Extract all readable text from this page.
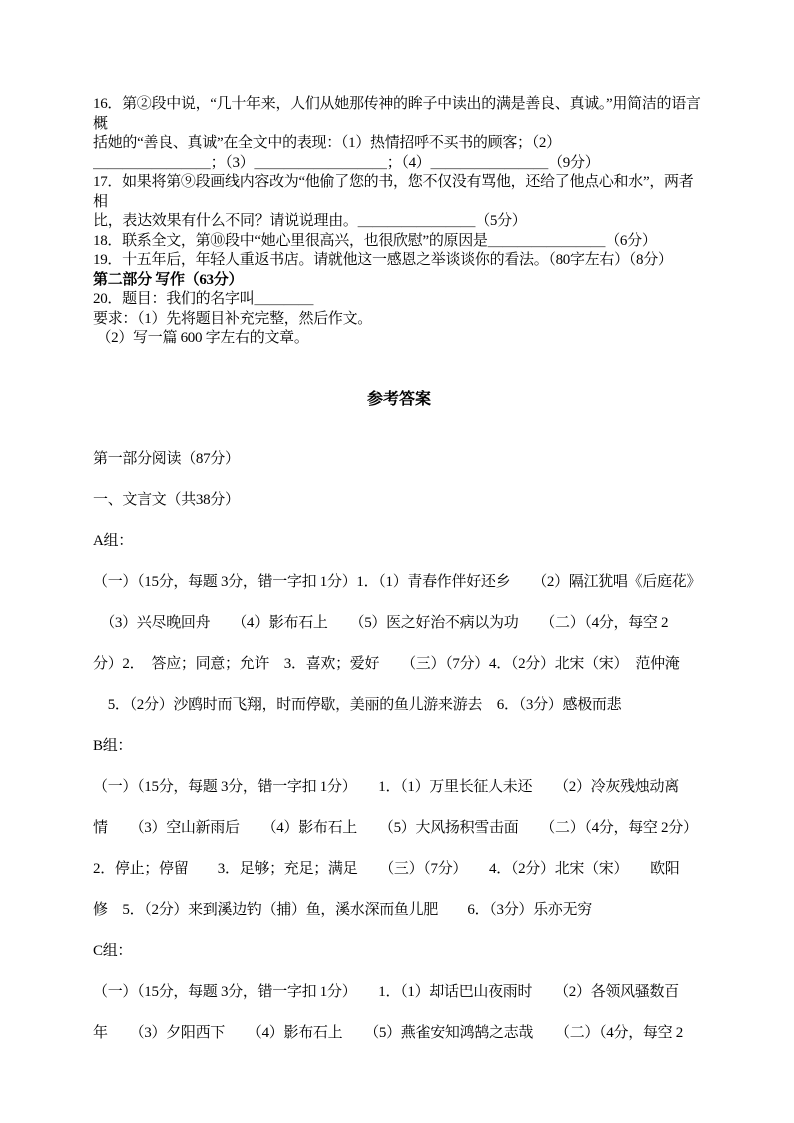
16．第②段中说，“几十年来，人们从她那传神的眸子中读出的满是善良、真诚。”用简洁的语言概
括她的“善良、真诚”在全文中的表现：（1）热情招呼不买书的顾客；（2）
＿＿＿＿＿＿＿＿；（3）＿＿＿＿＿＿＿＿＿；（4）＿＿＿＿＿＿＿＿（9分）
17．如果将第⑨段画线内容改为“他偷了您的书，您不仅没有骂他，还给了他点心和水”，两者相
比，表达效果有什么不同？请说说理由。＿＿＿＿＿＿＿＿（5分）
18．联系全文，第⑩段中“她心里很高兴，也很欣慰”的原因是＿＿＿＿＿＿＿＿（6分）
19．十五年后，年轻人重返书店。请就他这一感恩之举谈谈你的看法。（80字左右）（8分）
第二部分 写作（63分）
20．题目：我们的名字叫＿＿＿＿
要求：（1）先将题目补充完整，然后作文。
（2）写一篇 600 字左右的文章。
参考答案
第一部分阅读（87分）
一、文言文（共38分）
A组：
（一）（15分，每题 3分，错一字扣 1分）1．（1）青春作伴好还乡　　（2）隔江犹唱《后庭花》
　（3）兴尽晚回舟　　（4）影布石上　　（5）医之好治不病以为功　　（二）（4分，每空 2
分）2．　答应；同意；允许　3．喜欢；爱好　　（三）（7分）4．（2分）北宋（宋）　范仲淹
　5．（2分）沙鸥时而飞翔，时而停歇，美丽的鱼儿游来游去　6．（3分）感极而悲
B组：
（一）（15分，每题 3分，错一字扣 1分）　　1．（1）万里长征人未还　　（2）冷灰残烛动离
情　　（3）空山新雨后　　（4）影布石上　　（5）大风扬积雪击面　　（二）（4分，每空 2分）
2．停止；停留　　3．足够；充足；满足　　（三）（7分）　　4．（2分）北宋（宋）　　欧阳
修　5．（2分）来到溪边钓（捕）鱼，溪水深而鱼儿肥　　6．（3分）乐亦无穷
C组：
（一）（15分，每题 3分，错一字扣 1分）　　1．（1）却话巴山夜雨时　　（2）各领风骚数百
年　　（3）夕阳西下　　（4）影布石上　　（5）燕雀安知鸿鹄之志哉　　（二）（4分，每空 2
